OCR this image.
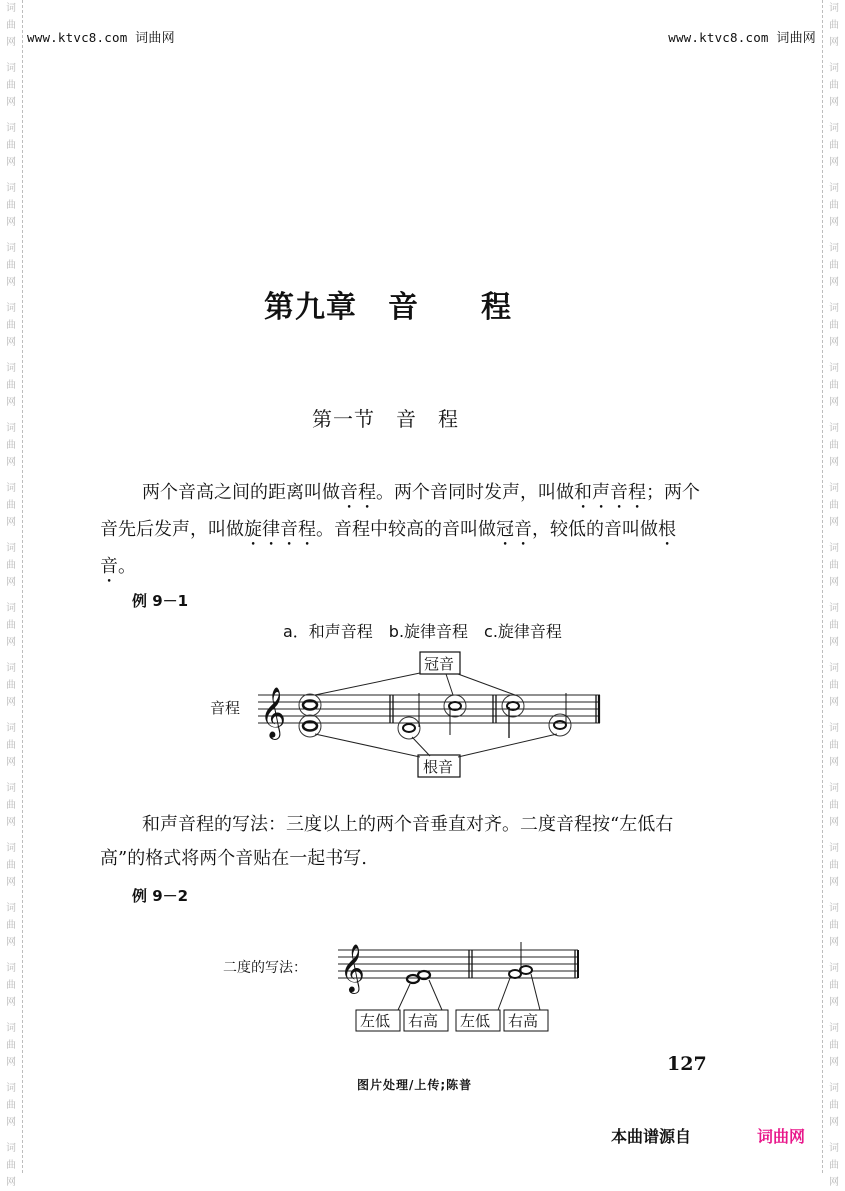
词
曲
网
词
曲
网
词
曲
网
词
曲
网
词
曲
网
词
曲
网
词
曲
网
词
曲
网
词
曲
网
词
曲
网
词
曲
网
词
曲
网
词
曲
网
词
曲
网
词
曲
网
词
曲
网
词
曲
网
词
曲
网
词
曲
网
词
曲
网
词
曲
网
词
曲
网
词
曲
网
词
曲
网
词
曲
网
词
曲
网
词
曲
网
词
曲
网
词
曲
网
词
曲
网
词
曲
网
词
曲
网
词
曲
网
词
曲
网
词
曲
网
词
曲
网
词
曲
网
词
曲
网
词
曲
网
词
曲
网
www.ktvc8.com 词曲网	www.ktvc8.com 词曲网
第九章　音　　程
第一节　音　程
两个音高之间的距离叫做音程。两个音同时发声，叫做和声音程；两个音先后发声，叫做旋律音程。音程中较高的音叫做冠音，较低的音叫做根音。
例 9－1
a．和声音程　b.旋律音程　c.旋律音程
音程 𝄞
冠音
根音
和声音程的写法：三度以上的两个音垂直对齐。二度音程按“左低右高”的格式将两个音贴在一起书写.
例 9－2
二度的写法： 𝄞
左低 右高 左低 右高
127
图片处理/上传;陈普
本曲谱源自	词曲网
